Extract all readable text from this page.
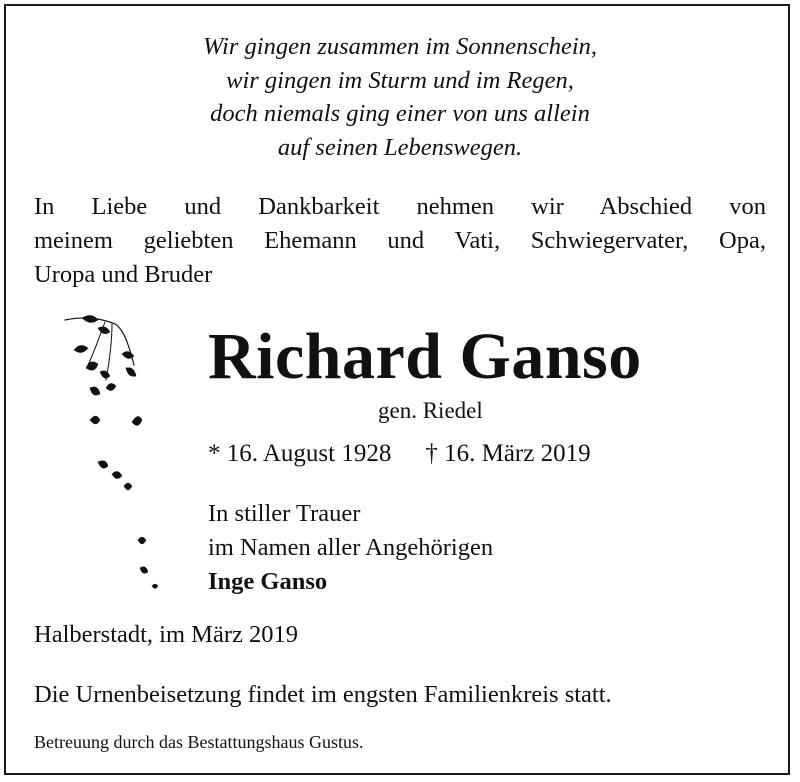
Wir gingen zusammen im Sonnenschein,
wir gingen im Sturm und im Regen,
doch niemals ging einer von uns allein
auf seinen Lebenswegen.
In Liebe und Dankbarkeit nehmen wir Abschied von
meinem geliebten Ehemann und Vati, Schwiegervater, Opa,
Uropa und Bruder
Richard Ganso
gen. Riedel
* 16. August 1928 † 16. März 2019
In stiller Trauer
im Namen aller Angehörigen
Inge Ganso
Halberstadt, im März 2019
Die Urnenbeisetzung findet im engsten Familienkreis statt.
Betreuung durch das Bestattungshaus Gustus.
